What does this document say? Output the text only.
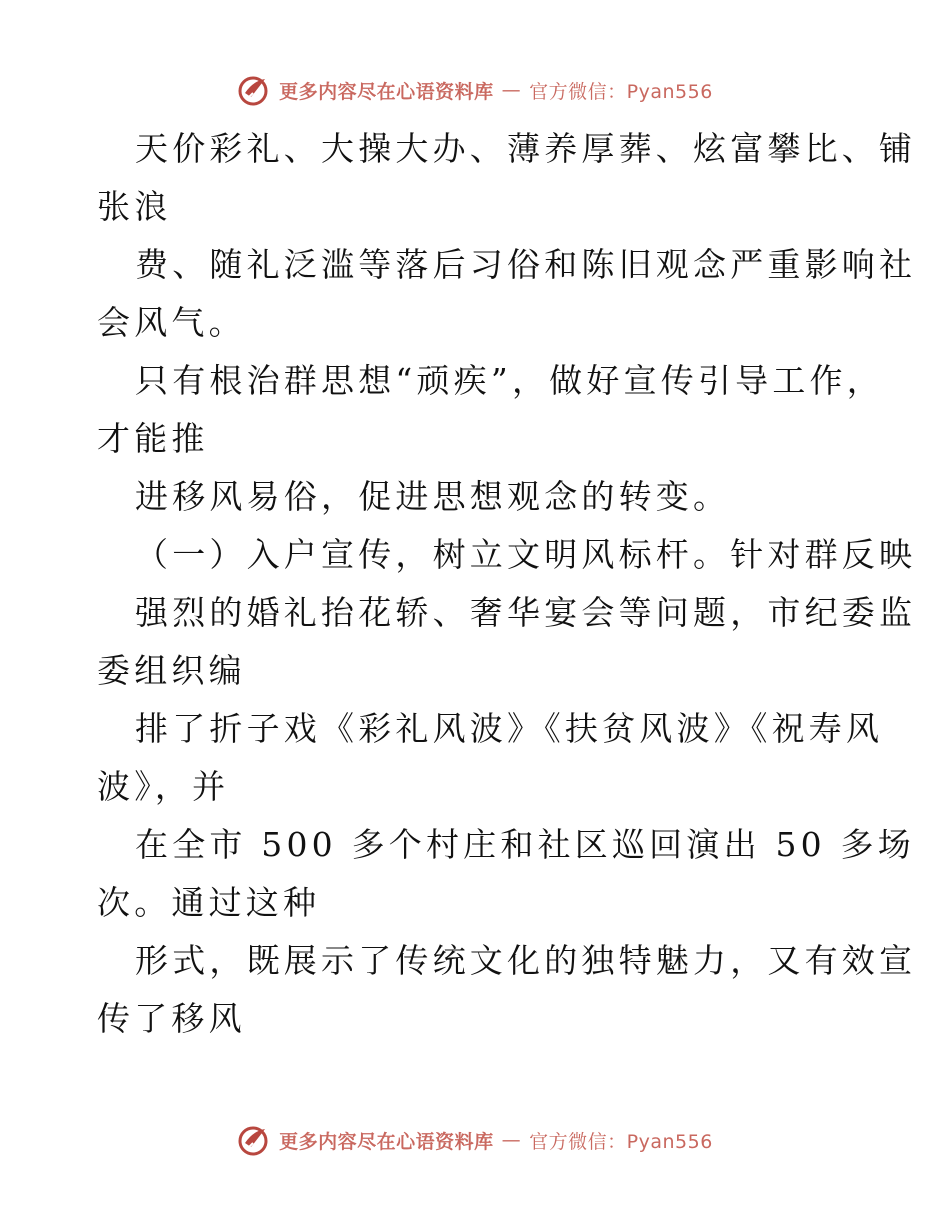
更多内容尽在心语资料库 — 官方微信：Pyan556
天价彩礼、大操大办、薄养厚葬、炫富攀比、铺
张浪
费、随礼泛滥等落后习俗和陈旧观念严重影响社
会风气。
只有根治群思想“顽疾”，做好宣传引导工作，
才能推
进移风易俗，促进思想观念的转变。
（一）入户宣传，树立文明风标杆。针对群反映
强烈的婚礼抬花轿、奢华宴会等问题，市纪委监
委组织编
排了折子戏《彩礼风波》《扶贫风波》《祝寿风
波》，并
在全市 500 多个村庄和社区巡回演出 50 多场
次。通过这种
形式，既展示了传统文化的独特魅力，又有效宣
传了移风
更多内容尽在心语资料库 — 官方微信：Pyan556
